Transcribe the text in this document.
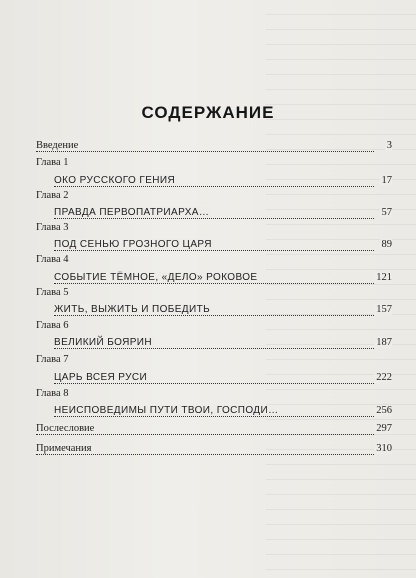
СОДЕРЖАНИЕ
Введение	3
Глава 1
ОКО РУССКОГО ГЕНИЯ	17
Глава 2
ПРАВДА ПЕРВОПАТРИАРХА…	57
Глава 3
ПОД СЕНЬЮ ГРОЗНОГО ЦАРЯ	89
Глава 4
СОБЫТИЕ ТЁМНОЕ, «ДЕЛО» РОКОВОЕ	121
Глава 5
ЖИТЬ, ВЫЖИТЬ И ПОБЕДИТЬ	157
Глава 6
ВЕЛИКИЙ БОЯРИН	187
Глава 7
ЦАРЬ ВСЕЯ РУСИ	222
Глава 8
НЕИСПОВЕДИМЫ ПУТИ ТВОИ, ГОСПОДИ…	256
Послесловие	297
Примечания	310
